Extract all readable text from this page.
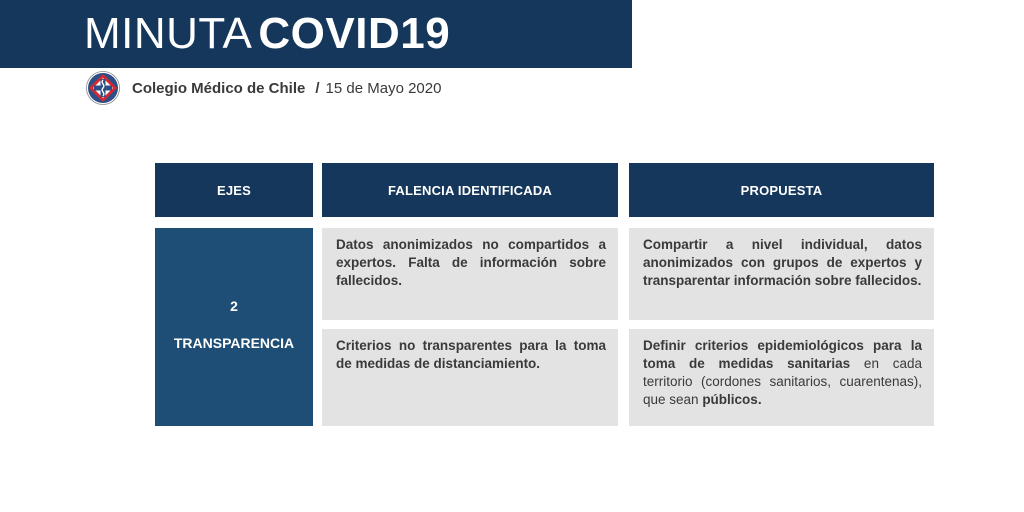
MINUTA COVID19
Colegio Médico de Chile / 15 de Mayo 2020
EJES	FALENCIA IDENTIFICADA	PROPUESTA
2
TRANSPARENCIA
Datos anonimizados no compartidos a expertos. Falta de información sobre fallecidos.
Compartir a nivel individual, datos anonimizados con grupos de expertos y transparentar información sobre fallecidos.
Criterios no transparentes para la toma de medidas de distanciamiento.
Definir criterios epidemiológicos para la toma de medidas sanitarias en cada territorio (cordones sanitarios, cuarentenas), que sean públicos.
